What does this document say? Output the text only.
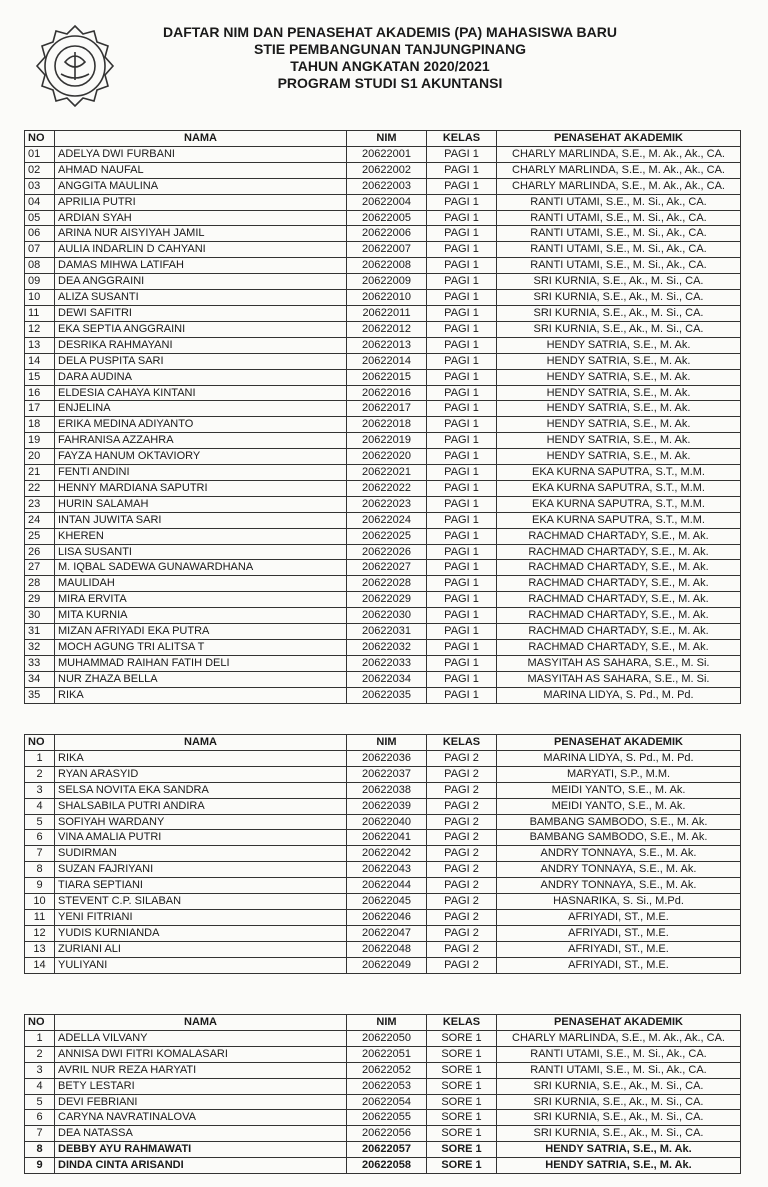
DAFTAR NIM DAN PENASEHAT AKADEMIS (PA) MAHASISWA BARU
STIE PEMBANGUNAN TANJUNGPINANG
TAHUN ANGKATAN 2020/2021
PROGRAM STUDI S1 AKUNTANSI
NO	NAMA	NIM	KELAS	PENASEHAT AKADEMIK
01	ADELYA DWI FURBANI	20622001	PAGI 1	CHARLY MARLINDA, S.E., M. Ak., Ak., CA.
02	AHMAD NAUFAL	20622002	PAGI 1	CHARLY MARLINDA, S.E., M. Ak., Ak., CA.
03	ANGGITA MAULINA	20622003	PAGI 1	CHARLY MARLINDA, S.E., M. Ak., Ak., CA.
04	APRILIA PUTRI	20622004	PAGI 1	RANTI UTAMI, S.E., M. Si., Ak., CA.
05	ARDIAN SYAH	20622005	PAGI 1	RANTI UTAMI, S.E., M. Si., Ak., CA.
06	ARINA NUR AISYIYAH JAMIL	20622006	PAGI 1	RANTI UTAMI, S.E., M. Si., Ak., CA.
07	AULIA INDARLIN D CAHYANI	20622007	PAGI 1	RANTI UTAMI, S.E., M. Si., Ak., CA.
08	DAMAS MIHWA LATIFAH	20622008	PAGI 1	RANTI UTAMI, S.E., M. Si., Ak., CA.
09	DEA ANGGRAINI	20622009	PAGI 1	SRI KURNIA, S.E., Ak., M. Si., CA.
10	ALIZA SUSANTI	20622010	PAGI 1	SRI KURNIA, S.E., Ak., M. Si., CA.
11	DEWI SAFITRI	20622011	PAGI 1	SRI KURNIA, S.E., Ak., M. Si., CA.
12	EKA SEPTIA ANGGRAINI	20622012	PAGI 1	SRI KURNIA, S.E., Ak., M. Si., CA.
13	DESRIKA RAHMAYANI	20622013	PAGI 1	HENDY SATRIA, S.E., M. Ak.
14	DELA PUSPITA SARI	20622014	PAGI 1	HENDY SATRIA, S.E., M. Ak.
15	DARA AUDINA	20622015	PAGI 1	HENDY SATRIA, S.E., M. Ak.
16	ELDESIA CAHAYA KINTANI	20622016	PAGI 1	HENDY SATRIA, S.E., M. Ak.
17	ENJELINA	20622017	PAGI 1	HENDY SATRIA, S.E., M. Ak.
18	ERIKA MEDINA ADIYANTO	20622018	PAGI 1	HENDY SATRIA, S.E., M. Ak.
19	FAHRANISA AZZAHRA	20622019	PAGI 1	HENDY SATRIA, S.E., M. Ak.
20	FAYZA HANUM OKTAVIORY	20622020	PAGI 1	HENDY SATRIA, S.E., M. Ak.
21	FENTI ANDINI	20622021	PAGI 1	EKA KURNA SAPUTRA, S.T., M.M.
22	HENNY MARDIANA SAPUTRI	20622022	PAGI 1	EKA KURNA SAPUTRA, S.T., M.M.
23	HURIN SALAMAH	20622023	PAGI 1	EKA KURNA SAPUTRA, S.T., M.M.
24	INTAN JUWITA SARI	20622024	PAGI 1	EKA KURNA SAPUTRA, S.T., M.M.
25	KHEREN	20622025	PAGI 1	RACHMAD CHARTADY, S.E., M. Ak.
26	LISA SUSANTI	20622026	PAGI 1	RACHMAD CHARTADY, S.E., M. Ak.
27	M. IQBAL SADEWA GUNAWARDHANA	20622027	PAGI 1	RACHMAD CHARTADY, S.E., M. Ak.
28	MAULIDAH	20622028	PAGI 1	RACHMAD CHARTADY, S.E., M. Ak.
29	MIRA ERVITA	20622029	PAGI 1	RACHMAD CHARTADY, S.E., M. Ak.
30	MITA KURNIA	20622030	PAGI 1	RACHMAD CHARTADY, S.E., M. Ak.
31	MIZAN AFRIYADI EKA PUTRA	20622031	PAGI 1	RACHMAD CHARTADY, S.E., M. Ak.
32	MOCH AGUNG TRI ALITSA T	20622032	PAGI 1	RACHMAD CHARTADY, S.E., M. Ak.
33	MUHAMMAD RAIHAN FATIH DELI	20622033	PAGI 1	MASYITAH AS SAHARA, S.E., M. Si.
34	NUR ZHAZA BELLA	20622034	PAGI 1	MASYITAH AS SAHARA, S.E., M. Si.
35	RIKA	20622035	PAGI 1	MARINA LIDYA, S. Pd., M. Pd.
NO	NAMA	NIM	KELAS	PENASEHAT AKADEMIK
1	RIKA	20622036	PAGI 2	MARINA LIDYA, S. Pd., M. Pd.
2	RYAN ARASYID	20622037	PAGI 2	MARYATI, S.P., M.M.
3	SELSA NOVITA EKA SANDRA	20622038	PAGI 2	MEIDI YANTO, S.E., M. Ak.
4	SHALSABILA PUTRI ANDIRA	20622039	PAGI 2	MEIDI YANTO, S.E., M. Ak.
5	SOFIYAH WARDANY	20622040	PAGI 2	BAMBANG SAMBODO, S.E., M. Ak.
6	VINA AMALIA PUTRI	20622041	PAGI 2	BAMBANG SAMBODO, S.E., M. Ak.
7	SUDIRMAN	20622042	PAGI 2	ANDRY TONNAYA, S.E., M. Ak.
8	SUZAN FAJRIYANI	20622043	PAGI 2	ANDRY TONNAYA, S.E., M. Ak.
9	TIARA SEPTIANI	20622044	PAGI 2	ANDRY TONNAYA, S.E., M. Ak.
10	STEVENT C.P. SILABAN	20622045	PAGI 2	HASNARIKA, S. Si., M.Pd.
11	YENI FITRIANI	20622046	PAGI 2	AFRIYADI, ST., M.E.
12	YUDIS KURNIANDA	20622047	PAGI 2	AFRIYADI, ST., M.E.
13	ZURIANI ALI	20622048	PAGI 2	AFRIYADI, ST., M.E.
14	YULIYANI	20622049	PAGI 2	AFRIYADI, ST., M.E.
NO	NAMA	NIM	KELAS	PENASEHAT AKADEMIK
1	ADELLA VILVANY	20622050	SORE 1	CHARLY MARLINDA, S.E., M. Ak., Ak., CA.
2	ANNISA DWI FITRI KOMALASARI	20622051	SORE 1	RANTI UTAMI, S.E., M. Si., Ak., CA.
3	AVRIL NUR REZA HARYATI	20622052	SORE 1	RANTI UTAMI, S.E., M. Si., Ak., CA.
4	BETY LESTARI	20622053	SORE 1	SRI KURNIA, S.E., Ak., M. Si., CA.
5	DEVI FEBRIANI	20622054	SORE 1	SRI KURNIA, S.E., Ak., M. Si., CA.
6	CARYNA NAVRATINALOVA	20622055	SORE 1	SRI KURNIA, S.E., Ak., M. Si., CA.
7	DEA NATASSA	20622056	SORE 1	SRI KURNIA, S.E., Ak., M. Si., CA.
8	DEBBY AYU RAHMAWATI	20622057	SORE 1	HENDY SATRIA, S.E., M. Ak.
9	DINDA CINTA ARISANDI	20622058	SORE 1	HENDY SATRIA, S.E., M. Ak.
